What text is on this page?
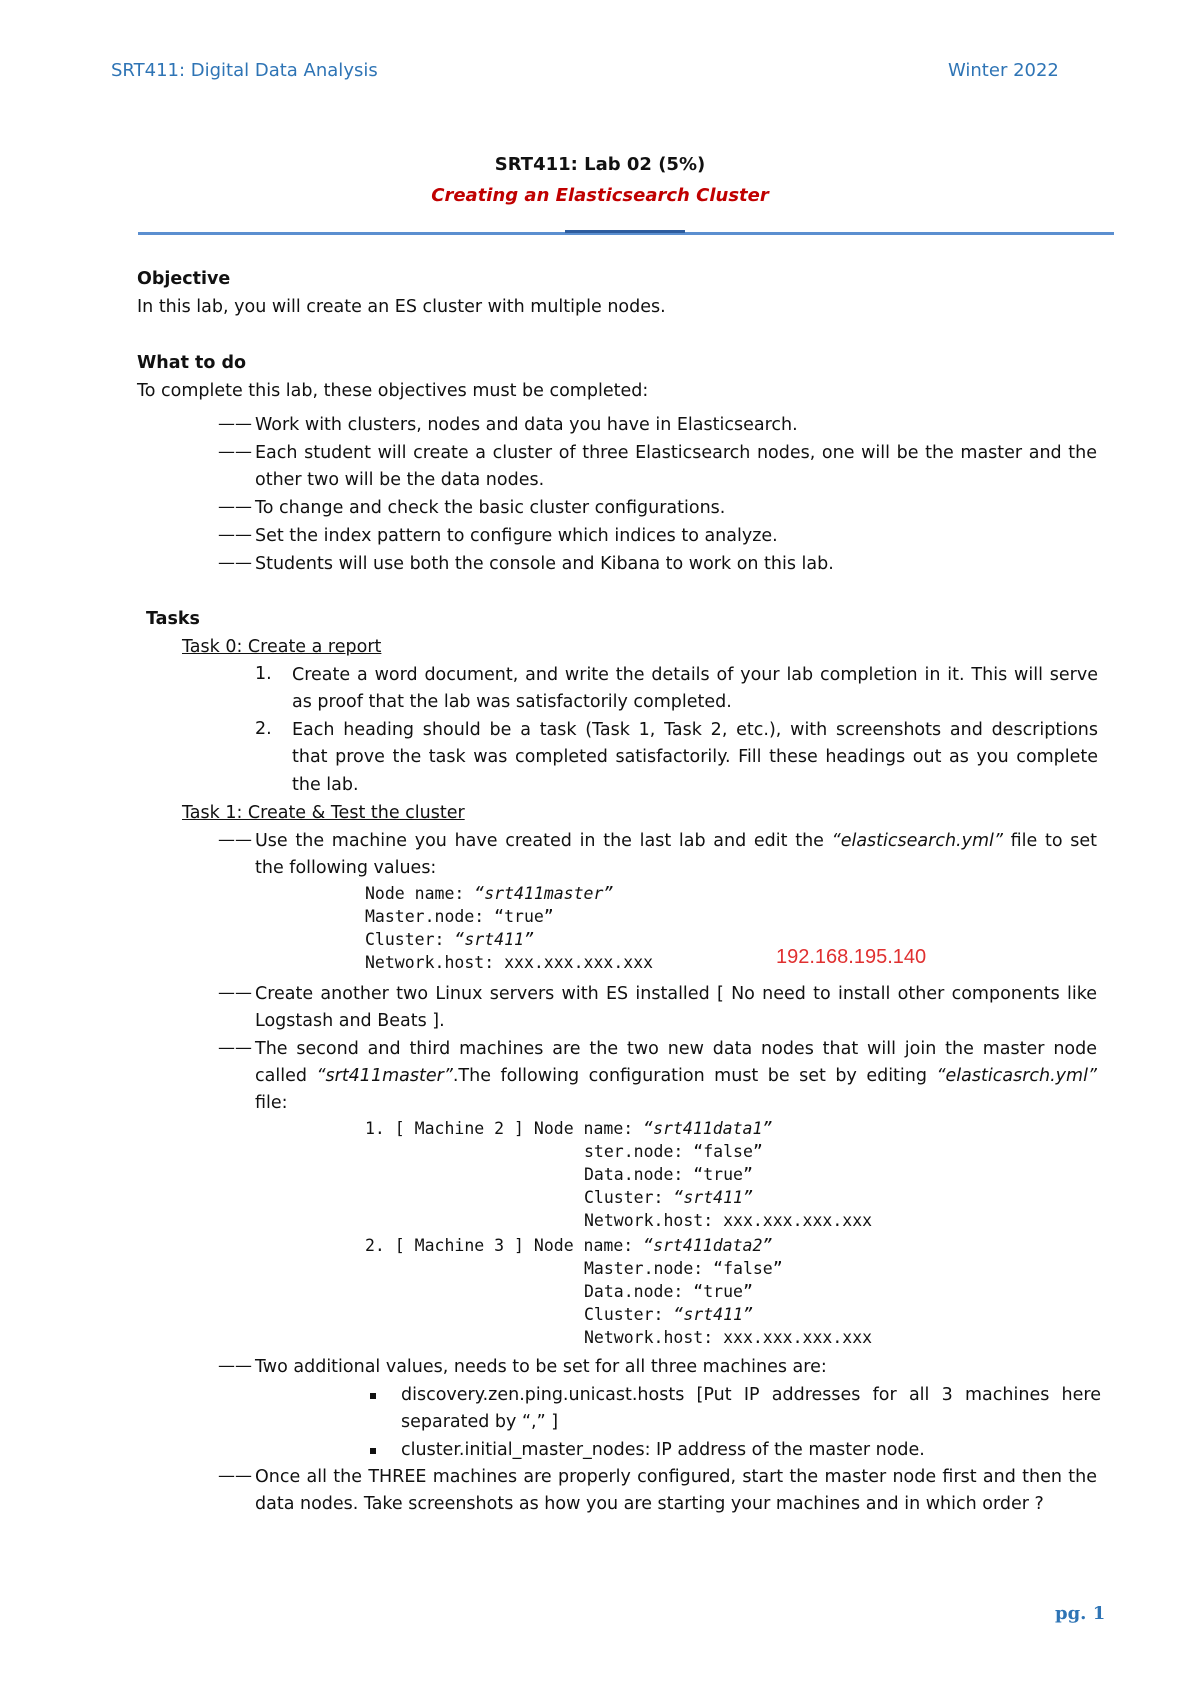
SRT411: Digital Data Analysis	Winter 2022
SRT411: Lab 02 (5%)
Creating an Elasticsearch Cluster
Objective
In this lab, you will create an ES cluster with multiple nodes.
What to do
To complete this lab, these objectives must be completed:
—— Work with clusters, nodes and data you have in Elasticsearch.
—— Each student will create a cluster of three Elasticsearch nodes, one will be the master and the
other two will be the data nodes.
—— To change and check the basic cluster configurations.
—— Set the index pattern to configure which indices to analyze.
—— Students will use both the console and Kibana to work on this lab.
Tasks
Task 0: Create a report
1. Create a word document, and write the details of your lab completion in it. This will serve
as proof that the lab was satisfactorily completed.
2. Each heading should be a task (Task 1, Task 2, etc.), with screenshots and descriptions
that prove the task was completed satisfactorily. Fill these headings out as you complete
the lab.
Task 1: Create & Test the cluster
—— Use the machine you have created in the last lab and edit the “elasticsearch.yml” file to set
the following values:
Node name: “srt411master”
Master.node: “true”
Cluster: “srt411”
Network.host: xxx.xxx.xxx.xxx	192.168.195.140
—— Create another two Linux servers with ES installed [ No need to install other components like
Logstash and Beats ].
—— The second and third machines are the two new data nodes that will join the master node
called “srt411master”.The following configuration must be set by editing “elasticasrch.yml”
file:
1. [ Machine 2 ] Node name: “srt411data1”
ster.node: “false”
Data.node: “true”
Cluster: “srt411”
Network.host: xxx.xxx.xxx.xxx
2. [ Machine 3 ] Node name: “srt411data2”
Master.node: “false”
Data.node: “true”
Cluster: “srt411”
Network.host: xxx.xxx.xxx.xxx
—— Two additional values, needs to be set for all three machines are:
discovery.zen.ping.unicast.hosts [Put IP addresses for all 3 machines here
separated by “,” ]
cluster.initial_master_nodes: IP address of the master node.
—— Once all the THREE machines are properly configured, start the master node first and then the
data nodes. Take screenshots as how you are starting your machines and in which order ?
pg. 1
